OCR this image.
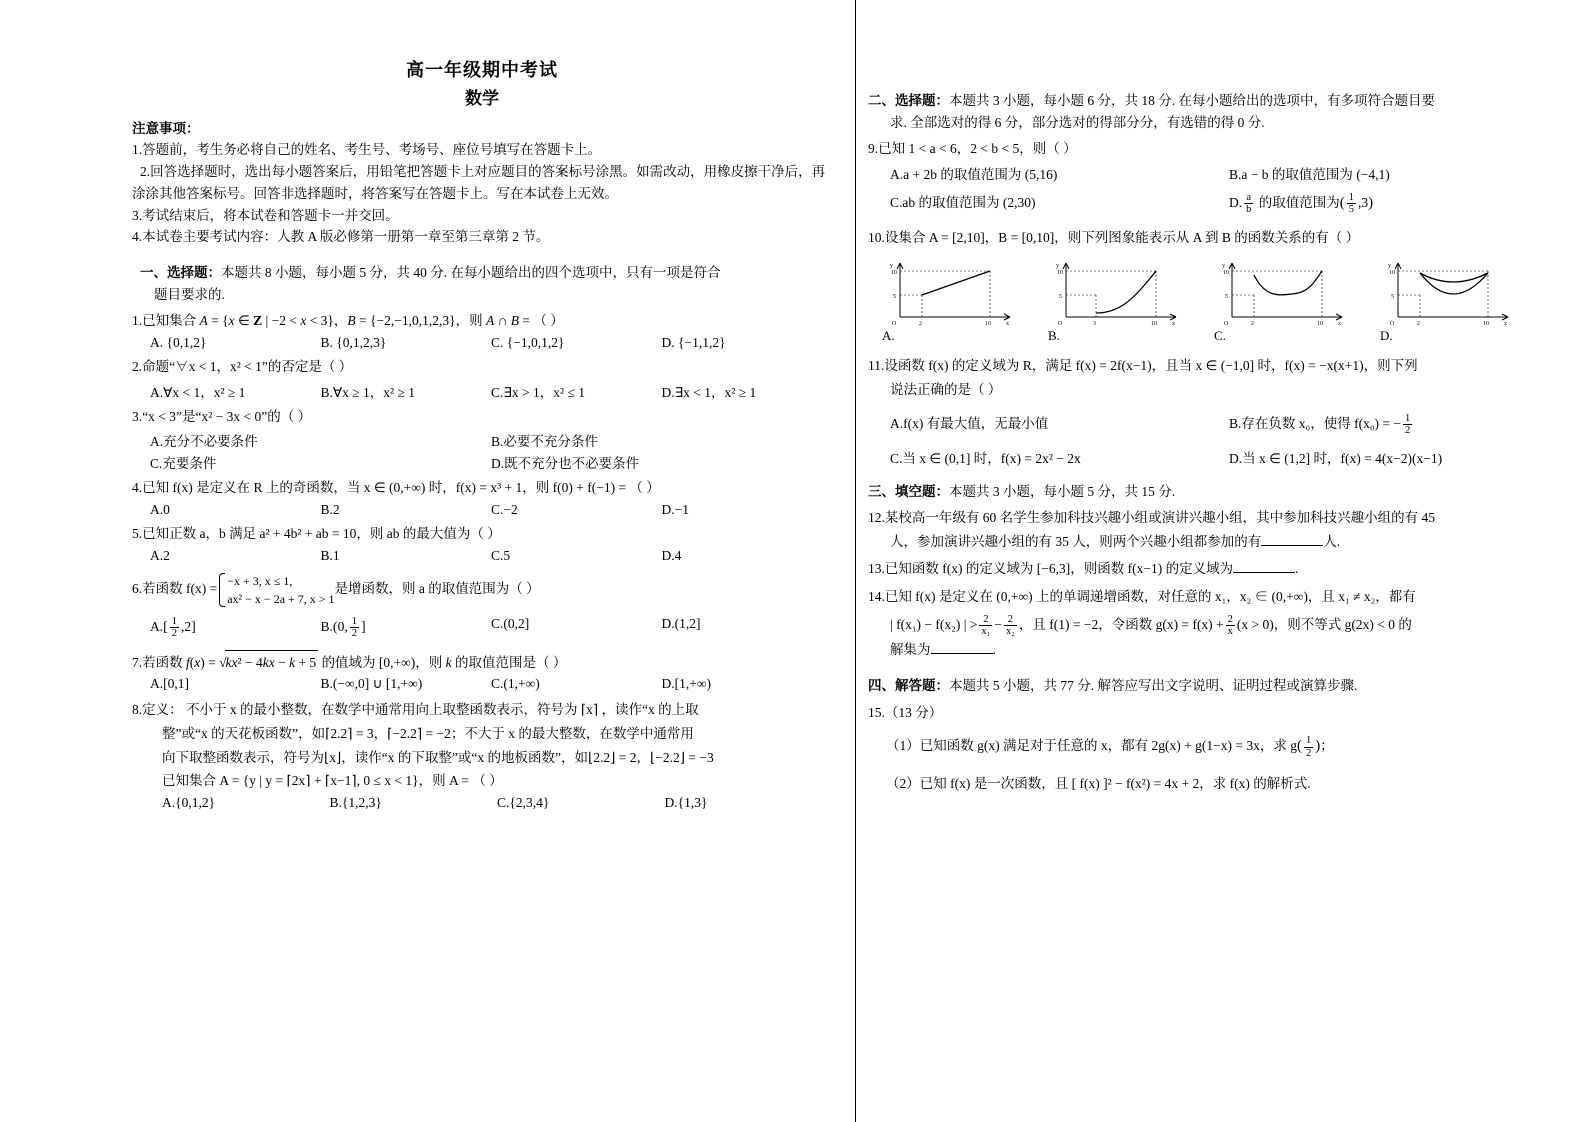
高一年级期中考试
数学
注意事项：

1.答题前，考生务必将自己的姓名、考生号、考场号、座位号填写在答题卡上。

2.回答选择题时，选出每小题答案后，用铅笔把答题卡上对应题目的答案标号涂黑。如需改动，用橡皮擦干净后，再涂涂其他答案标号。回答非选择题时，将答案写在答题卡上。写在本试卷上无效。

3.考试结束后，将本试卷和答题卡一并交回。

4.本试卷主要考试内容：人教 A 版必修第一册第一章至第三章第 2 节。

一、选择题：本题共 8 小题，每小题 5 分，共 40 分. 在每小题给出的四个选项中，只有一项是符合
题目要求的.
1.已知集合 A = {x ∈ Z | −2 < x < 3}，B = {−2,−1,0,1,2,3}，则 A ∩ B = （ ）
A. {0,1,2}	B. {0,1,2,3}	C. {−1,0,1,2}	D. {−1,1,2}
2.命题“∀x < 1，x² < 1”的否定是（ ）
A.∀x < 1，x² ≥ 1	B.∀x ≥ 1，x² ≥ 1	C.∃x > 1，x² ≤ 1	D.∃x < 1，x² ≥ 1
3.“x < 3”是“x² − 3x < 0”的（ ）
A.充分不必要条件	B.必要不充分条件
C.充要条件	D.既不充分也不必要条件
4.已知 f(x) 是定义在 R 上的奇函数，当 x ∈ (0,+∞) 时，f(x) = x³ + 1，则 f(0) + f(−1) = （ ）
A.0	B.2	C.−2	D.−1
5.已知正数 a，b 满足 a² + 4b² + ab = 10，则 ab 的最大值为（ ）
A.2	B.1	C.5	D.4
6.若函数 f(x) =−x + 3, x ≤ 1,
ax² − x − 2a + 7, x > 1是增函数，则 a 的取值范围为（ ）
$A.[ \frac{1}{2} ,2]$	B.(0, $\frac{1}{2}$ ]	C.(0,2]	D.(1,2]
7.若函数 f(x) = √kx² − 4kx − k + 5 的值域为 [0,+∞)，则 k 的取值范围是（ ）
A.[0,1]	B.(−∞,0] ∪ [1,+∞)	C.(1,+∞)	D.[1,+∞)
8.定义： 不小于 x 的最小整数，在数学中通常用向上取整函数表示，符号为 ⌈x⌉ ，读作“x 的上取
整”或“x 的天花板函数”，如⌈2.2⌉ = 3，⌈−2.2⌉ = −2；不大于 x 的最大整数，在数学中通常用
向下取整函数表示，符号为⌊x⌋，读作“x 的下取整”或“x 的地板函数”，如⌊2.2⌋ = 2，⌊−2.2⌋ = −3
已知集合 A = {y | y = ⌈2x⌉ + ⌈x−1⌉, 0 ≤ x < 1}，则 A = （ ）
A.{0,1,2}	B.{1,2,3}	C.{2,3,4}	D.{1,3}
二、选择题：本题共 3 小题，每小题 6 分，共 18 分. 在每小题给出的选项中，有多项符合题目要
求. 全部选对的得 6 分，部分选对的得部分分，有选错的得 0 分.
9.已知 1 < a < 6，2 < b < 5，则（ ）
A.a + 2b 的取值范围为 (5,16)	B.a − b 的取值范围为 (−4,1)
C.ab 的取值范围为 (2,30)	D. $\frac{a}{b}$ 的取值范围为( $\frac{1}{5} ,3$)
10.设集合 A = [2,10]，B = [0,10]，则下列图象能表示从 A 到 B 的函数关系的有（ ）
y
10
5
O	2	10	x
A.
y
10
5
O	3	10	x
B.
y
10
5
O	2	10	x
C.
y
10
5
O	2	10	x
D.
11.设函数 f(x) 的定义域为 R，满足 f(x) = 2f(x−1)，且当 x ∈ (−1,0] 时，f(x) = −x(x+1)，则下列
说法正确的是（ ）
A.f(x) 有最大值，无最小值	B.存在负数 x₀，使得 f(x₀) = − $\frac{1}{2}$
C.当 x ∈ (0,1] 时，f(x) = 2x² − 2x	D.当 x ∈ (1,2] 时，f(x) = 4(x−2)(x−1)
三、填空题：本题共 3 小题，每小题 5 分，共 15 分.
12.某校高一年级有 60 名学生参加科技兴趣小组或演讲兴趣小组，其中参加科技兴趣小组的有 45
人，参加演讲兴趣小组的有 35 人，则两个兴趣小组都参加的有	人.
13.已知函数 f(x) 的定义域为 [−6,3]，则函数 f(x−1) 的定义域为	.
14.已知 f(x) 是定义在 (0,+∞) 上的单调递增函数，对任意的 x₁，x₂ ∈ (0,+∞)，且 x₁ ≠ x₂，都有
| f(x₁) − f(x₂) | > $\frac{2}{\text{x₁}} - \frac{2}{\text{x₂}}$ ，且 f(1) = −2，令函数 $g(x) = f(x) + \frac{2}{x} (x > 0)$，则不等式 g(2x) < 0 的
解集为	.
四、解答题：本题共 5 小题，共 77 分. 解答应写出文字说明、证明过程或演算步骤.
15.（13 分）
（1）已知函数 g(x) 满足对于任意的 x，都有 2g(x) + g(1−x) = 3x，求 $g( \frac{1}{2}$ )；
（2）已知 f(x) 是一次函数，且 [ f(x) ]² − f(x²) = 4x + 2，求 f(x) 的解析式.
